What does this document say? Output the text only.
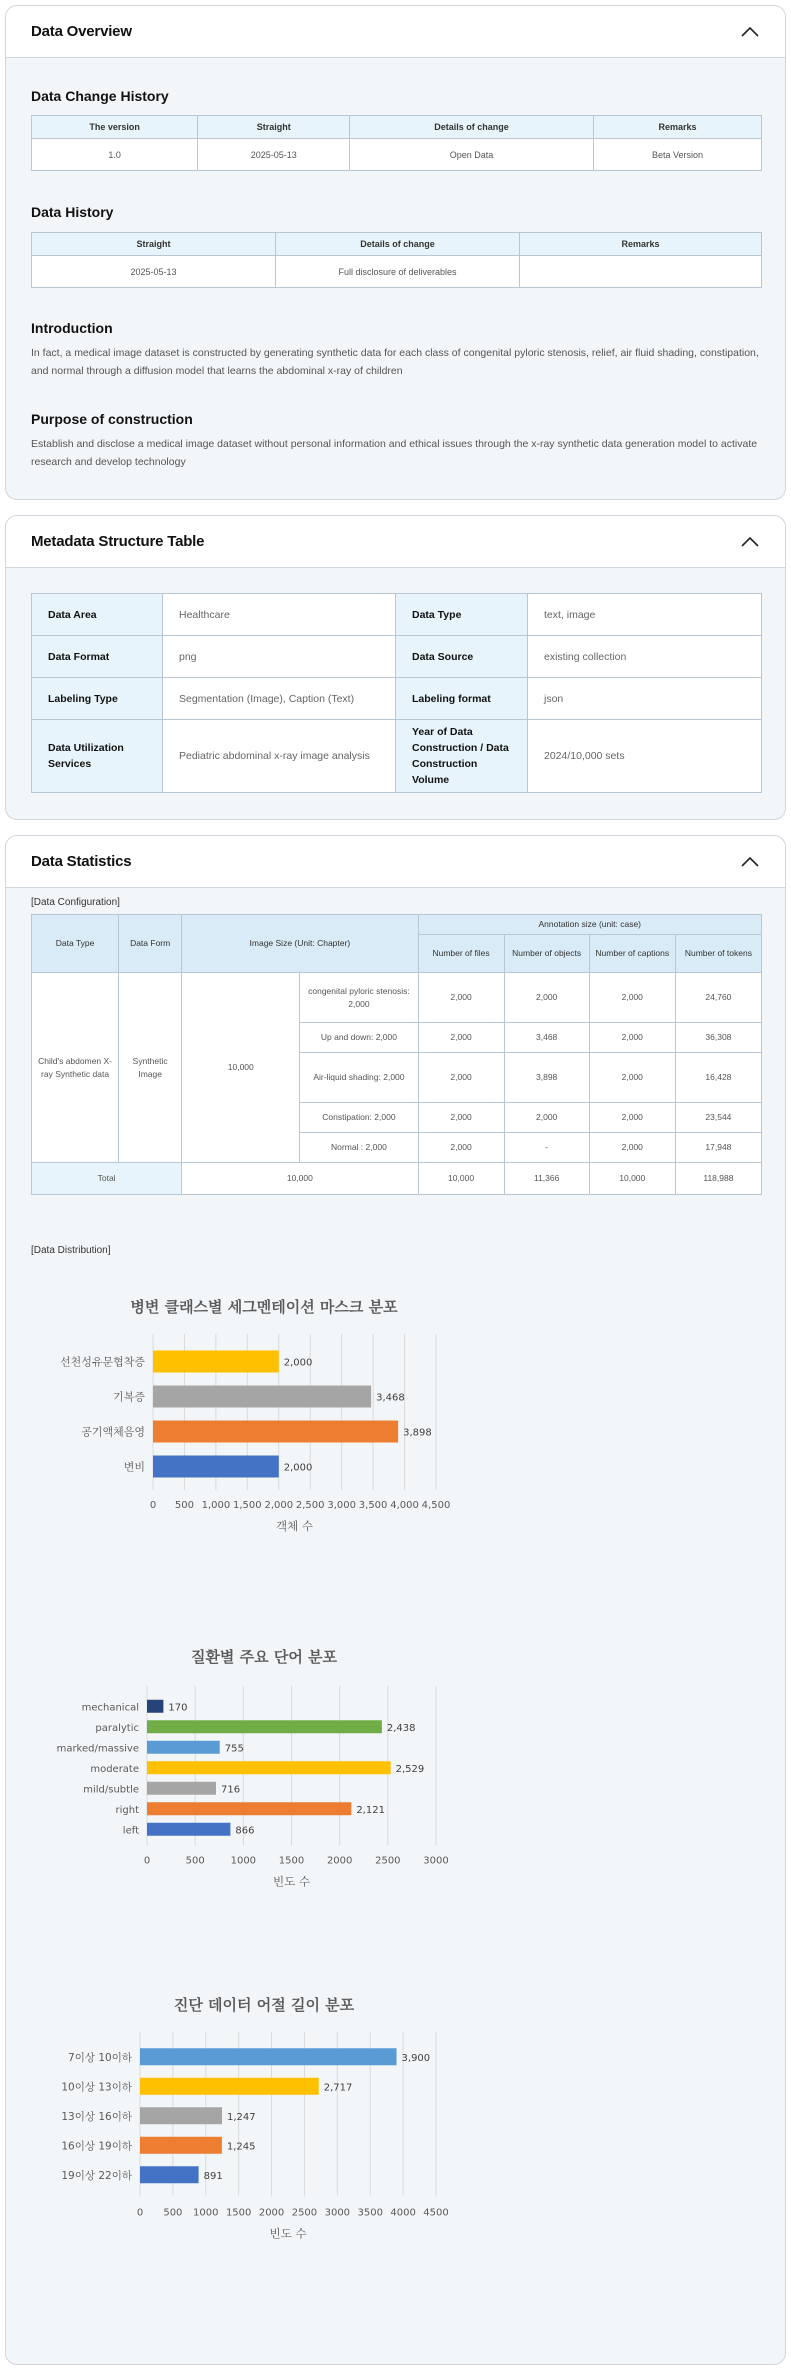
Data Overview
Data Change History
The version	Straight	Details of change	Remarks
1.0	2025-05-13	Open Data	Beta Version
Data History
Straight	Details of change	Remarks
2025-05-13	Full disclosure of deliverables	
Introduction
In fact, a medical image dataset is constructed by generating synthetic data for each class of congenital pyloric stenosis, relief, air fluid shading, constipation, and normal through a diffusion model that learns the abdominal x-ray of children
Purpose of construction
Establish and disclose a medical image dataset without personal information and ethical issues through the x-ray synthetic data generation model to activate research and develop technology
Metadata Structure Table
Data Area	Healthcare	Data Type	text, image
Data Format	png	Data Source	existing collection
Labeling Type	Segmentation (Image), Caption (Text)	Labeling format	json
Data Utilization Services	Pediatric abdominal x-ray image analysis	Year of Data Construction / Data Construction Volume	2024/10,000 sets
Data Statistics
[Data Configuration]
Data Type	Data Form	Image Size (Unit: Chapter)		Annotation size (unit: case)			
				Number of files	Number of objects	Number of captions	Number of tokens
Child's abdomen X-ray Synthetic data	Synthetic Image	10,000	congenital pyloric stenosis: 2,000	2,000	2,000	2,000	24,760
			Up and down: 2,000	2,000	3,468	2,000	36,308
			Air-liquid shading: 2,000	2,000	3,898	2,000	16,428
			Constipation: 2,000	2,000	2,000	2,000	23,544
			Normal : 2,000	2,000	-	2,000	17,948
Total		10,000		10,000	11,366	10,000	118,988
[Data Distribution]
병변 클래스별 세그멘테이션 마스크 분포
0 500 1,000 1,500 2,000 2,500 3,000 3,500 4,000 4,500
선천성유문협착증	2,000
기복증	3,468
공기액체음영	3,898
변비	2,000
객체 수
질환별 주요 단어 분포
0	500	1000 1500 2000 2500 3000
mechanical	170
paralytic	2,438
marked/massive	755
moderate	2,529
mild/subtle	716
right	2,121
left	866
빈도 수
진단 데이터 어절 길이 분포
0 500 1000 1500 2000 2500 3000 3500 4000 4500
7이상 10이하	3,900
10이상 13이하	2,717
13이상 16이하	1,247
16이상 19이하	1,245
19이상 22이하	891
빈도 수
